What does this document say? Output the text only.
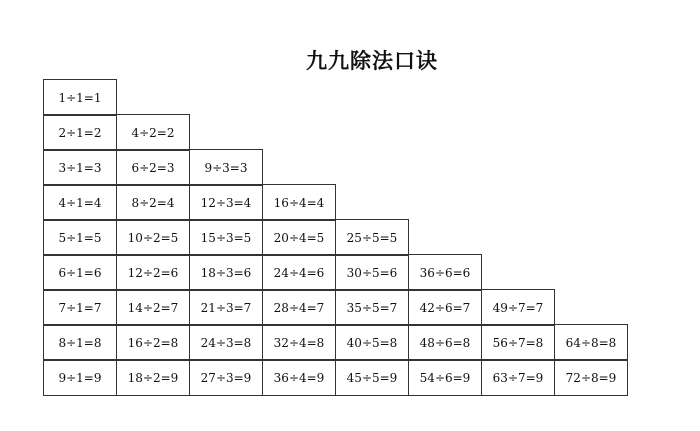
九九除法口诀
1÷1=1
2÷1=2	4÷2=2
3÷1=3	6÷2=3	9÷3=3
4÷1=4	8÷2=4	12÷3=4	16÷4=4
5÷1=5	10÷2=5	15÷3=5	20÷4=5	25÷5=5
6÷1=6	12÷2=6	18÷3=6	24÷4=6	30÷5=6	36÷6=6
7÷1=7	14÷2=7	21÷3=7	28÷4=7	35÷5=7	42÷6=7	49÷7=7
8÷1=8	16÷2=8	24÷3=8	32÷4=8	40÷5=8	48÷6=8	56÷7=8	64÷8=8
9÷1=9	18÷2=9	27÷3=9	36÷4=9	45÷5=9	54÷6=9	63÷7=9	72÷8=9
